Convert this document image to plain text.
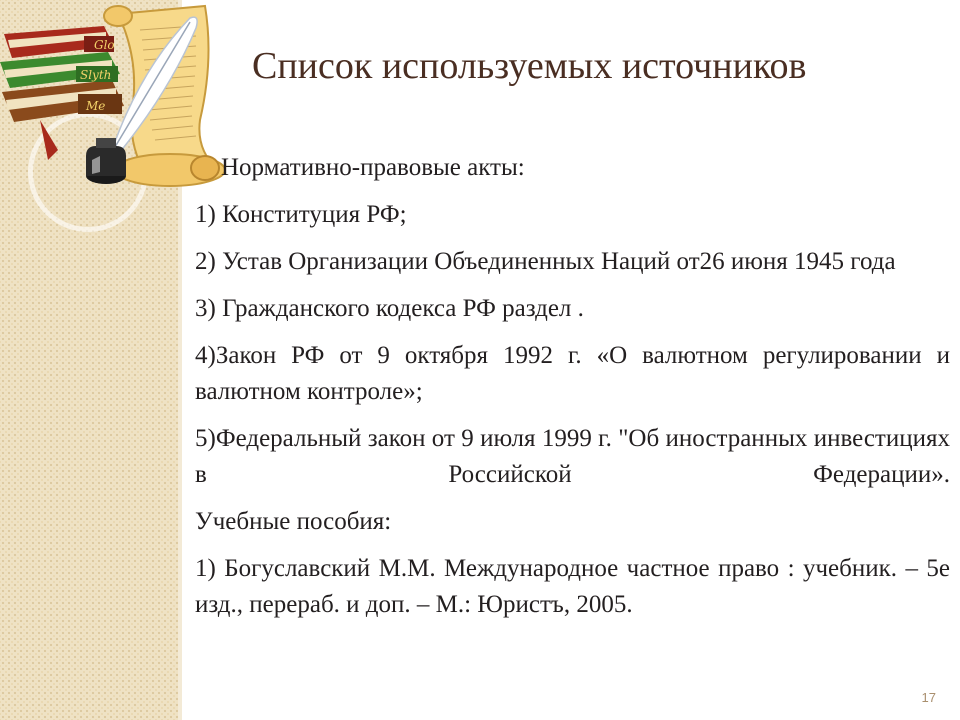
Glo
Slyth
Me
Список используемых источников

Нормативно-правовые акты:

1) Конституция РФ;

2) Устав Организации Объединенных Наций от26 июня 1945 года

3) Гражданского кодекса РФ раздел .

4)Закон РФ от 9 октября 1992 г. «О валютном регулировании и валютном контроле»;

5)Федеральный закон от 9 июля 1999 г. "Об иностранных инвестициях в Российской Федерации».

Учебные пособия:

1) Богуславский М.М. Международное частное право : учебник. – 5е изд., перераб. и доп. – М.: Юристъ, 2005.

17
